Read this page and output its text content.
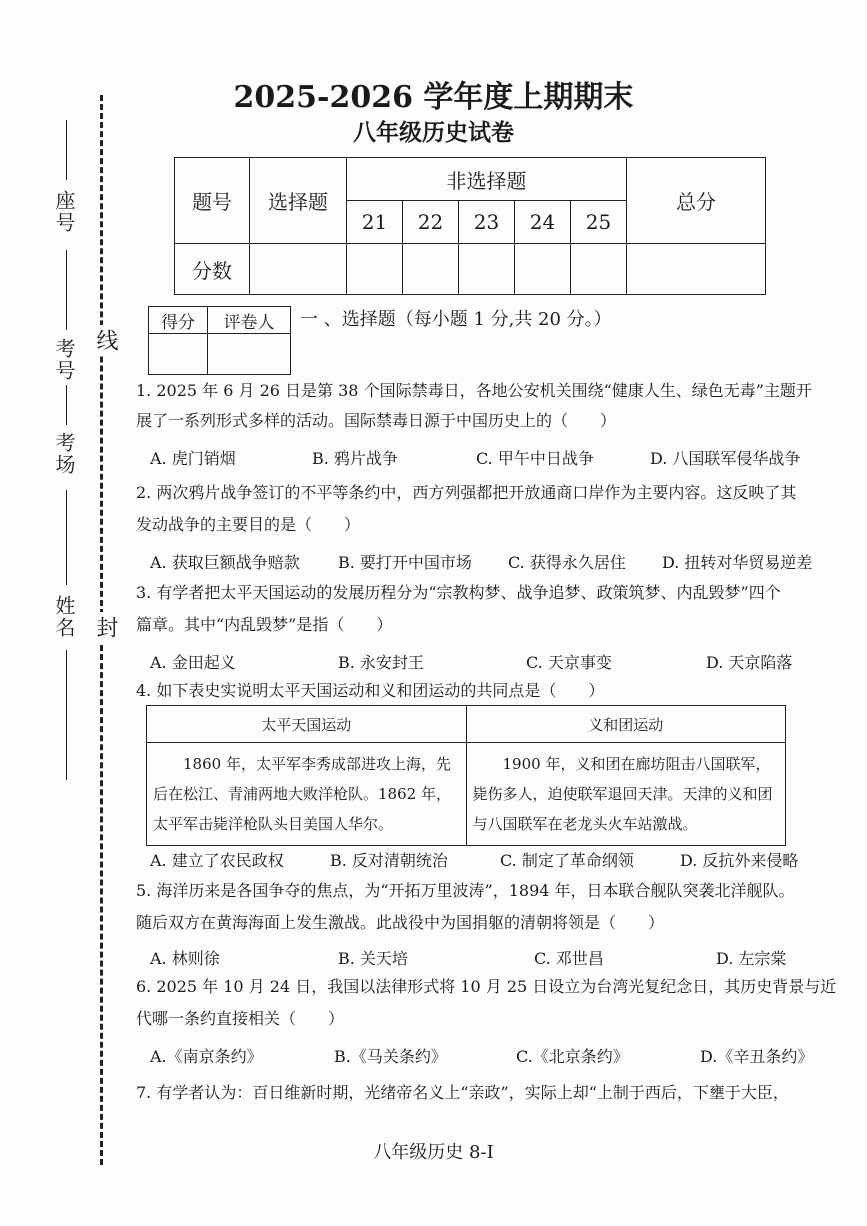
2025-2026 学年度上期期末
八年级历史试卷
座号
考号
考场
姓名
线
封
题号	选择题	非选择题					总分
		21	22	23	24	25	
分数							
得分	评卷人
	一 、选择题（每小题 1 分,共 20 分。）
1. 2025 年 6 月 26 日是第 38 个国际禁毒日，各地公安机关围绕“健康人生、绿色无毒”主题开
展了一系列形式多样的活动。国际禁毒日源于中国历史上的（　　）
A. 虎门销烟	B. 鸦片战争	C. 甲午中日战争	D. 八国联军侵华战争
2. 两次鸦片战争签订的不平等条约中，西方列强都把开放通商口岸作为主要内容。这反映了其
发动战争的主要目的是（　　）
A. 获取巨额战争赔款 B. 要打开中国市场 C. 获得永久居住 D. 扭转对华贸易逆差
3. 有学者把太平天国运动的发展历程分为“宗教构梦、战争追梦、政策筑梦、内乱毁梦”四个
篇章。其中“内乱毁梦”是指（　　）
A. 金田起义	B. 永安封王	C. 天京事变	D. 天京陷落
4. 如下表史实说明太平天国运动和义和团运动的共同点是（　　）
太平天国运动	义和团运动
　　1860 年，太平军李秀成部进攻上海，先后在松江、青浦两地大败洋枪队。1862 年，太平军击毙洋枪队头目美国人华尔。	　　1900 年，义和团在廊坊阻击八国联军，毙伤多人，迫使联军退回天津。天津的义和团与八国联军在老龙头火车站激战。
A. 建立了农民政权	B. 反对清朝统治	C. 制定了革命纲领	D. 反抗外来侵略
5. 海洋历来是各国争夺的焦点，为“开拓万里波涛”，1894 年，日本联合舰队突袭北洋舰队。
随后双方在黄海海面上发生激战。此战役中为国捐躯的清朝将领是（　　）
A. 林则徐	B. 关天培	C. 邓世昌	D. 左宗棠
6. 2025 年 10 月 24 日，我国以法律形式将 10 月 25 日设立为台湾光复纪念日，其历史背景与近
代哪一条约直接相关（　　）
A.《南京条约》	B.《马关条约》	C.《北京条约》	D.《辛丑条约》
7. 有学者认为：百日维新时期，光绪帝名义上“亲政”，实际上却“上制于西后，下壅于大臣，
八年级历史 8-I
